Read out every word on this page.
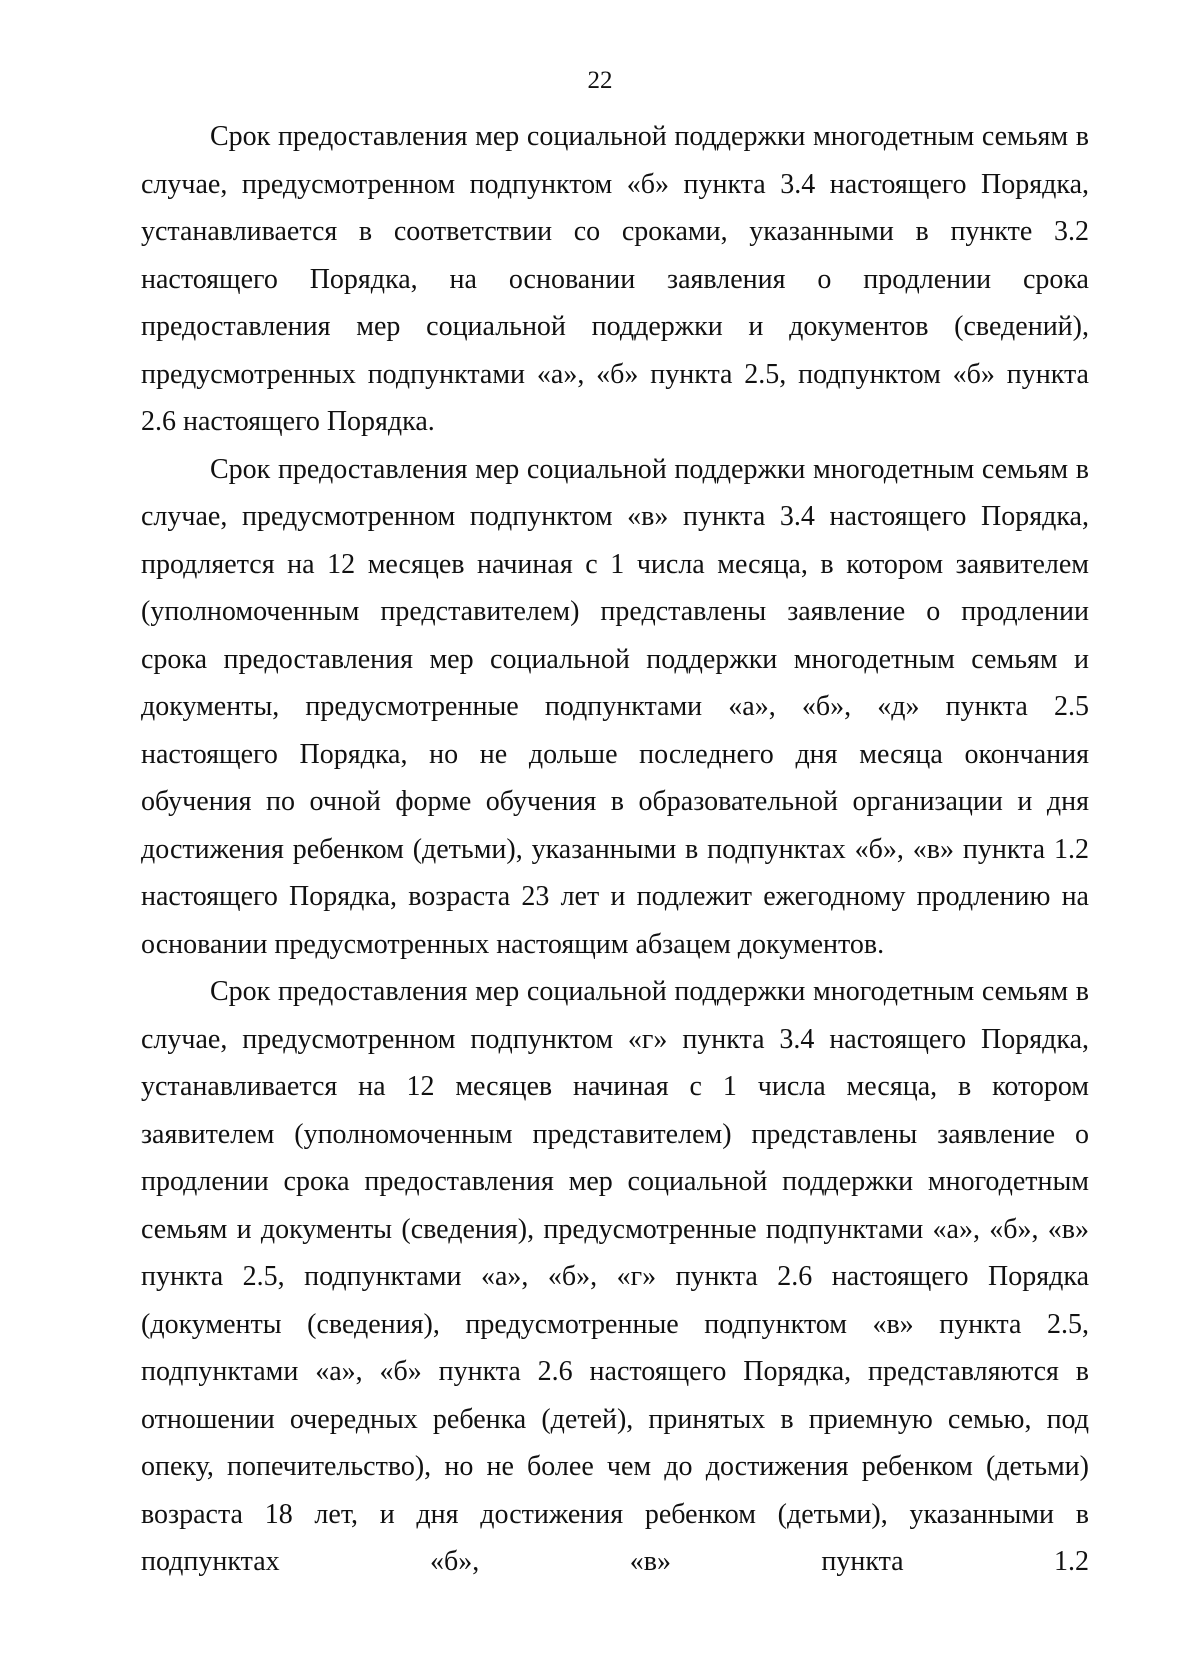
22

Срок предоставления мер социальной поддержки многодетным семьям в случае, предусмотренном подпунктом «б» пункта 3.4 настоящего Порядка, устанавливается в соответствии со сроками, указанными в пункте 3.2 настоящего Порядка, на основании заявления о продлении срока предоставления мер социальной поддержки и документов (сведений), предусмотренных подпунктами «а», «б» пункта 2.5, подпунктом «б» пункта 2.6 настоящего Порядка.

Срок предоставления мер социальной поддержки многодетным семьям в случае, предусмотренном подпунктом «в» пункта 3.4 настоящего Порядка, продляется на 12 месяцев начиная с 1 числа месяца, в котором заявителем (уполномоченным представителем) представлены заявление о продлении срока предоставления мер социальной поддержки многодетным семьям и документы, предусмотренные подпунктами «а», «б», «д» пункта 2.5 настоящего Порядка, но не дольше последнего дня месяца окончания обучения по очной форме обучения в образовательной организации и дня достижения ребенком (детьми), указанными в подпунктах «б», «в» пункта 1.2 настоящего Порядка, возраста 23 лет и подлежит ежегодному продлению на основании предусмотренных настоящим абзацем документов.

Срок предоставления мер социальной поддержки многодетным семьям в случае, предусмотренном подпунктом «г» пункта 3.4 настоящего Порядка, устанавливается на 12 месяцев начиная с 1 числа месяца, в котором заявителем (уполномоченным представителем) представлены заявление о продлении срока предоставления мер социальной поддержки многодетным семьям и документы (сведения), предусмотренные подпунктами «а», «б», «в» пункта 2.5, подпунктами «а», «б», «г» пункта 2.6 настоящего Порядка (документы (сведения), предусмотренные подпунктом «в» пункта 2.5, подпунктами «а», «б» пункта 2.6 настоящего Порядка, представляются в отношении очередных ребенка (детей), принятых в приемную семью, под опеку, попечительство), но не более чем до достижения ребенком (детьми) возраста 18 лет, и дня достижения ребенком (детьми), указанными в подпунктах «б», «в» пункта 1.2
